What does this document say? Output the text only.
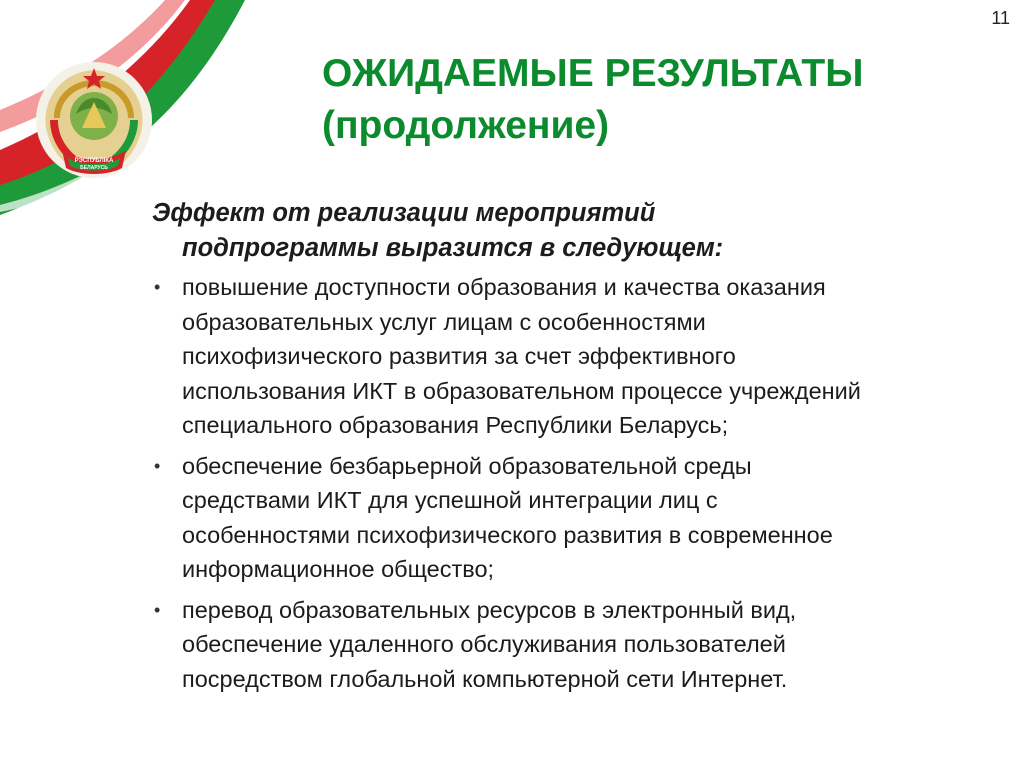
РЭСПУБЛIКА
БЕЛАРУСЬ
11
ОЖИДАЕМЫЕ РЕЗУЛЬТАТЫ
(продолжение)

Эффект от реализации мероприятий
подпрограммы выразится в следующем:

• повышение доступности образования и качества оказания
образовательных услуг лицам с особенностями
психофизического развития за счет эффективного
использования ИКТ в образовательном процессе учреждений
специального образования Республики Беларусь;
• обеспечение безбарьерной образовательной среды
средствами ИКТ для успешной интеграции лиц с
особенностями психофизического развития в современное
информационное общество;
• перевод образовательных ресурсов в электронный вид,
обеспечение удаленного обслуживания пользователей
посредством глобальной компьютерной сети Интернет.
